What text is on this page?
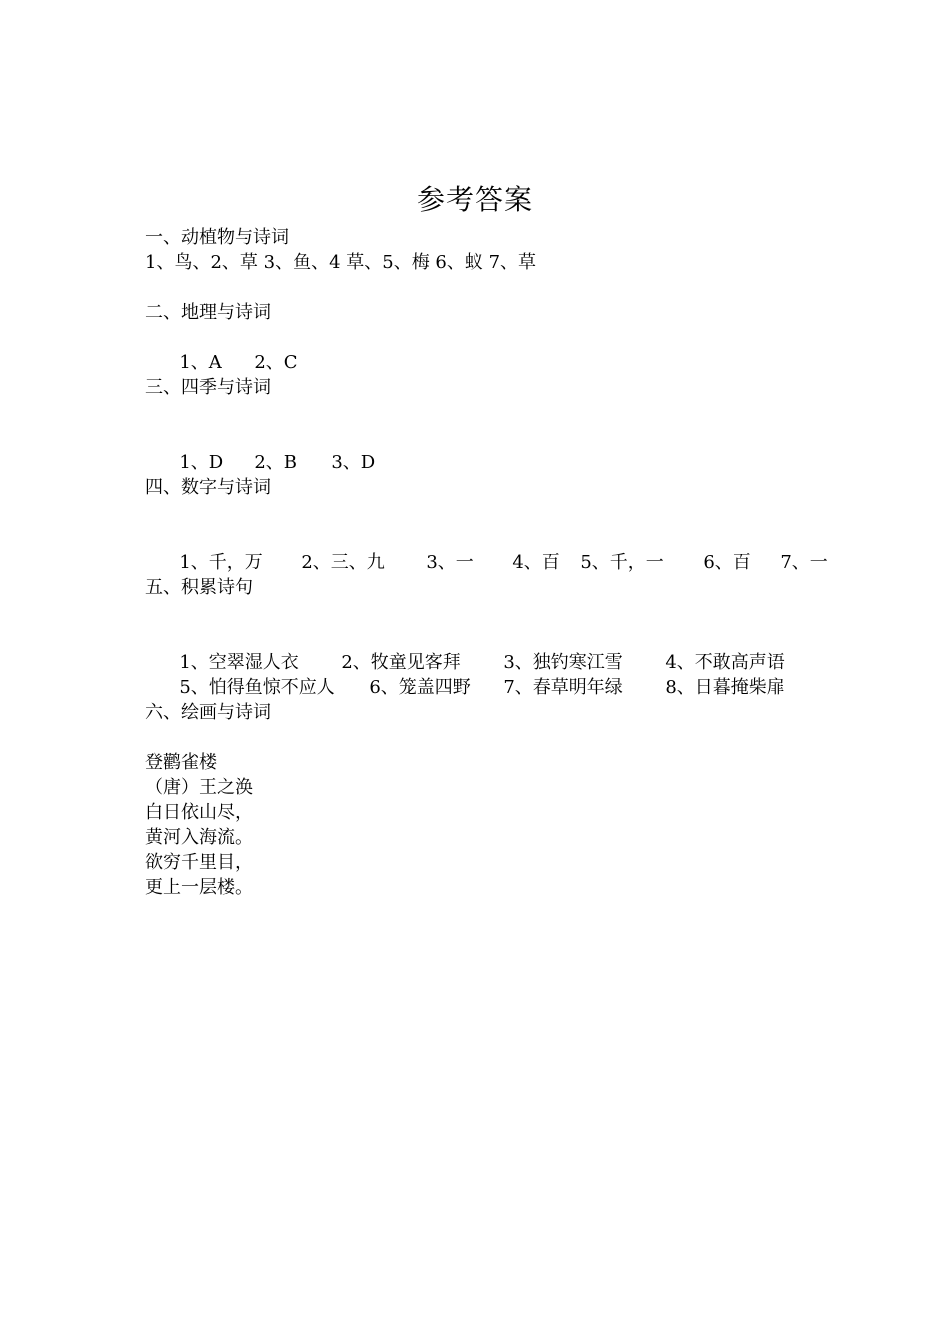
参考答案
一、动植物与诗词
1、鸟、2、草 3、鱼、4 草、5、梅 6、蚁 7、草
二、地理与诗词

1、A 2、C

三、四季与诗词

1、D 2、B 3、D

四、数字与诗词

1、千，万 2、三、九 3、一 4、百 5、千，一 6、百 7、一

五、积累诗句

1、空翠湿人衣 2、牧童见客拜 3、独钓寒江雪 4、不敢高声语

5、怕得鱼惊不应人 6、笼盖四野 7、春草明年绿 8、日暮掩柴扉

六、绘画与诗词
登鹳雀楼
（唐）王之涣
白日依山尽，
黄河入海流。
欲穷千里目，
更上一层楼。
